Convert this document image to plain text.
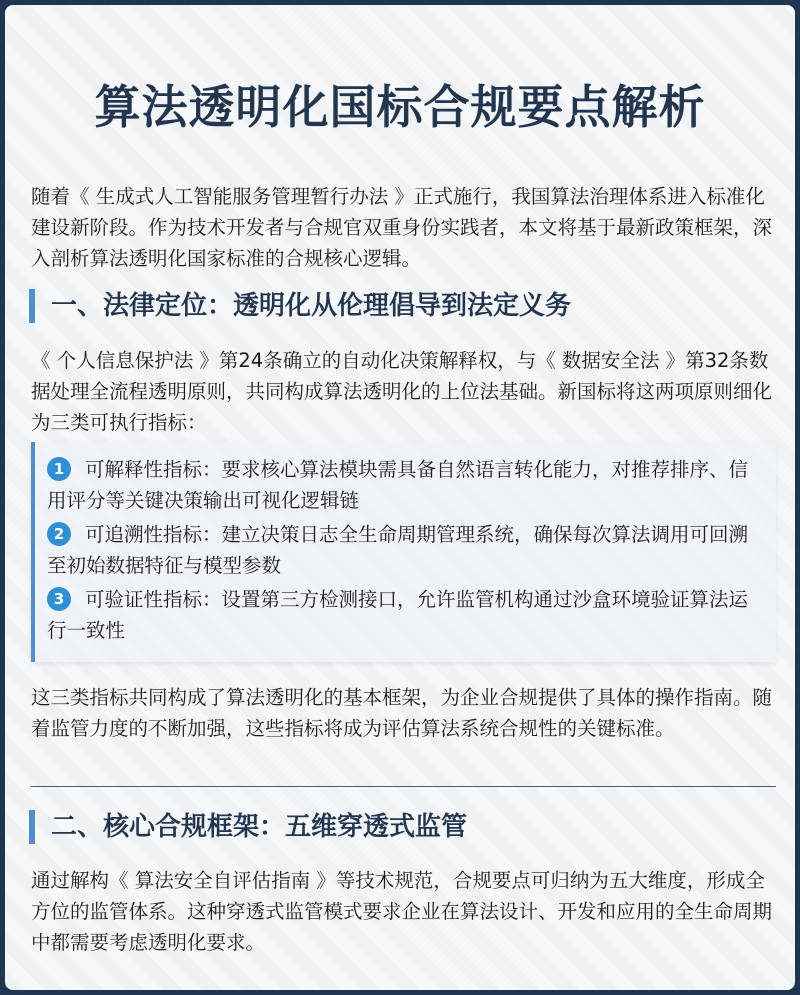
算法透明化国标合规要点解析

随着《 生成式人工智能服务管理暂行办法 》正式施行，我国算法治理体系进入标准化建设新阶段。作为技术开发者与合规官双重身份实践者，本文将基于最新政策框架，深入剖析算法透明化国家标准的合规核心逻辑。

一、法律定位：透明化从伦理倡导到法定义务

《 个人信息保护法 》第24条确立的自动化决策解释权，与《 数据安全法 》第32条数据处理全流程透明原则，共同构成算法透明化的上位法基础。新国标将这两项原则细化为三类可执行指标：

1 可解释性指标：要求核心算法模块需具备自然语言转化能力，对推荐排序、信用评分等关键决策输出可视化逻辑链

2 可追溯性指标：建立决策日志全生命周期管理系统，确保每次算法调用可回溯至初始数据特征与模型参数

3 可验证性指标：设置第三方检测接口，允许监管机构通过沙盒环境验证算法运行一致性

这三类指标共同构成了算法透明化的基本框架，为企业合规提供了具体的操作指南。随着监管力度的不断加强，这些指标将成为评估算法系统合规性的关键标准。

二、核心合规框架：五维穿透式监管

通过解构《 算法安全自评估指南 》等技术规范，合规要点可归纳为五大维度，形成全方位的监管体系。这种穿透式监管模式要求企业在算法设计、开发和应用的全生命周期中都需要考虑透明化要求。
